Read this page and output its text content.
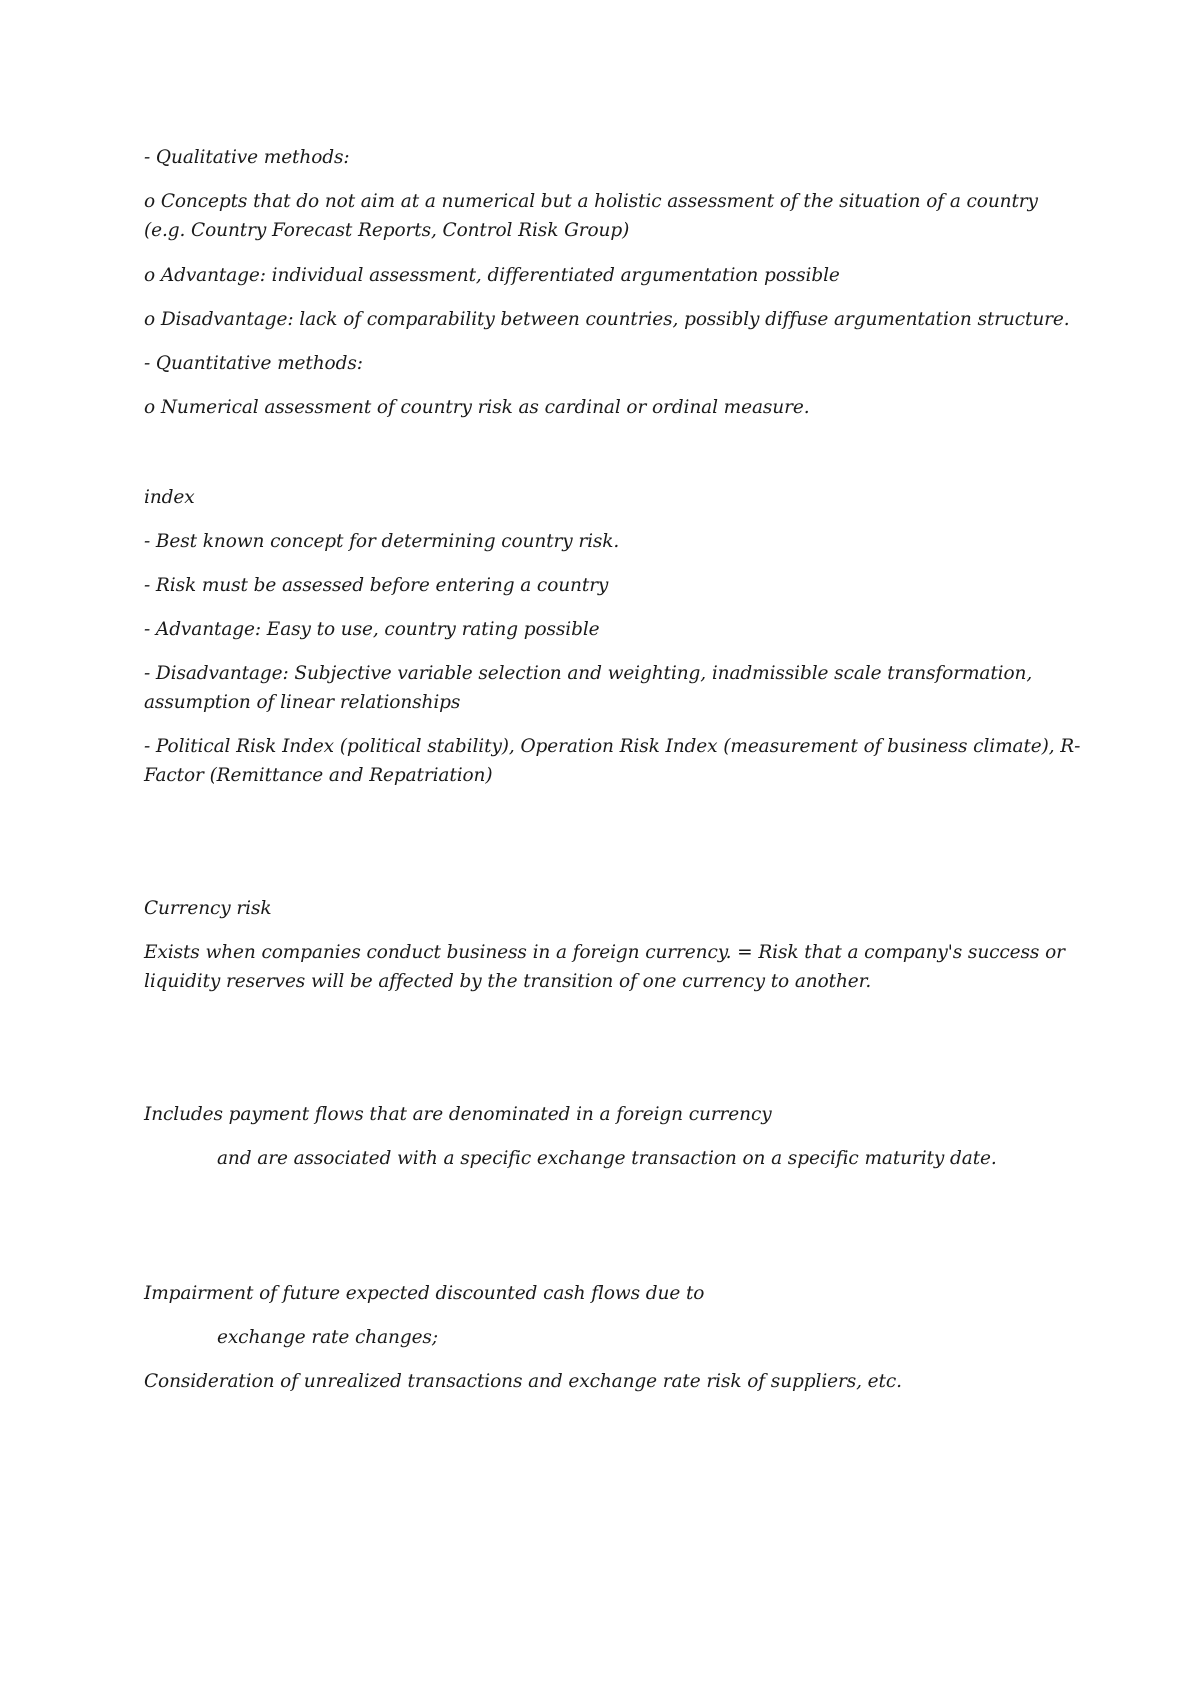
- Qualitative methods:
o Concepts that do not aim at a numerical but a holistic assessment of the situation of a country (e.g. Country Forecast Reports, Control Risk Group)
o Advantage: individual assessment, differentiated argumentation possible
o Disadvantage: lack of comparability between countries, possibly diffuse argumentation structure.
- Quantitative methods:
o Numerical assessment of country risk as cardinal or ordinal measure.
index
- Best known concept for determining country risk.
- Risk must be assessed before entering a country
- Advantage: Easy to use, country rating possible
- Disadvantage: Subjective variable selection and weighting, inadmissible scale transformation, assumption of linear relationships
- Political Risk Index (political stability), Operation Risk Index (measurement of business climate), R- Factor (Remittance and Repatriation)
Currency risk
Exists when companies conduct business in a foreign currency. = Risk that a company's success or liquidity reserves will be affected by the transition of one currency to another.
Includes payment flows that are denominated in a foreign currency
and are associated with a specific exchange transaction on a specific maturity date.
Impairment of future expected discounted cash flows due to
exchange rate changes;
Consideration of unrealized transactions and exchange rate risk of suppliers, etc.
